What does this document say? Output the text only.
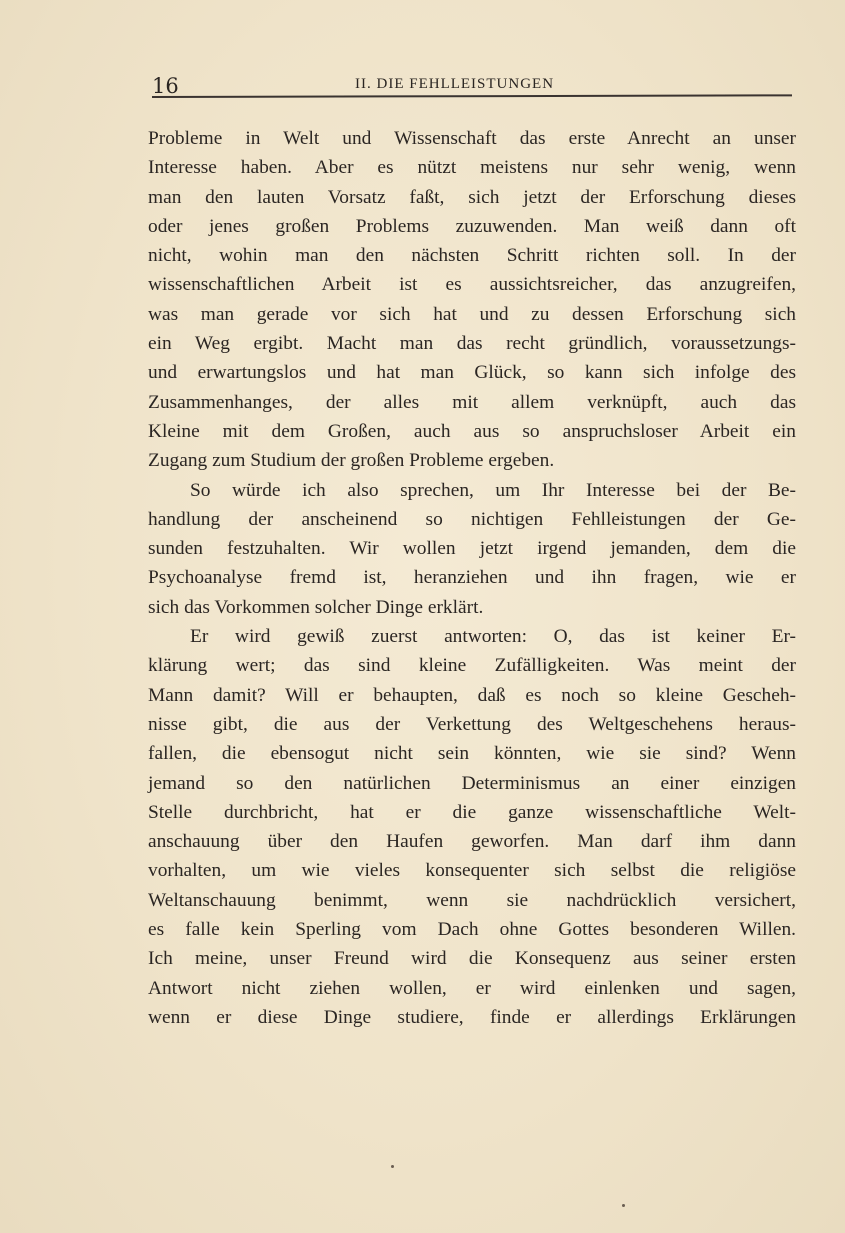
16	II. DIE FEHLLEISTUNGEN
Probleme in Welt und Wissenschaft das erste Anrecht an unser
Interesse haben. Aber es nützt meistens nur sehr wenig, wenn
man den lauten Vorsatz faßt, sich jetzt der Erforschung dieses
oder jenes großen Problems zuzuwenden. Man weiß dann oft
nicht, wohin man den nächsten Schritt richten soll. In der
wissenschaftlichen Arbeit ist es aussichtsreicher, das anzugreifen,
was man gerade vor sich hat und zu dessen Erforschung sich
ein Weg ergibt. Macht man das recht gründlich, voraussetzungs-
und erwartungslos und hat man Glück, so kann sich infolge des
Zusammenhanges, der alles mit allem verknüpft, auch das
Kleine mit dem Großen, auch aus so anspruchsloser Arbeit ein
Zugang zum Studium der großen Probleme ergeben.
So würde ich also sprechen, um Ihr Interesse bei der Be-
handlung der anscheinend so nichtigen Fehlleistungen der Ge-
sunden festzuhalten. Wir wollen jetzt irgend jemanden, dem die
Psychoanalyse fremd ist, heranziehen und ihn fragen, wie er
sich das Vorkommen solcher Dinge erklärt.
Er wird gewiß zuerst antworten: O, das ist keiner Er-
klärung wert; das sind kleine Zufälligkeiten. Was meint der
Mann damit? Will er behaupten, daß es noch so kleine Gescheh-
nisse gibt, die aus der Verkettung des Weltgeschehens heraus-
fallen, die ebensogut nicht sein könnten, wie sie sind? Wenn
jemand so den natürlichen Determinismus an einer einzigen
Stelle durchbricht, hat er die ganze wissenschaftliche Welt-
anschauung über den Haufen geworfen. Man darf ihm dann
vorhalten, um wie vieles konsequenter sich selbst die religiöse
Weltanschauung benimmt, wenn sie nachdrücklich versichert,
es falle kein Sperling vom Dach ohne Gottes besonderen Willen.
Ich meine, unser Freund wird die Konsequenz aus seiner ersten
Antwort nicht ziehen wollen, er wird einlenken und sagen,
wenn er diese Dinge studiere, finde er allerdings Erklärungen
